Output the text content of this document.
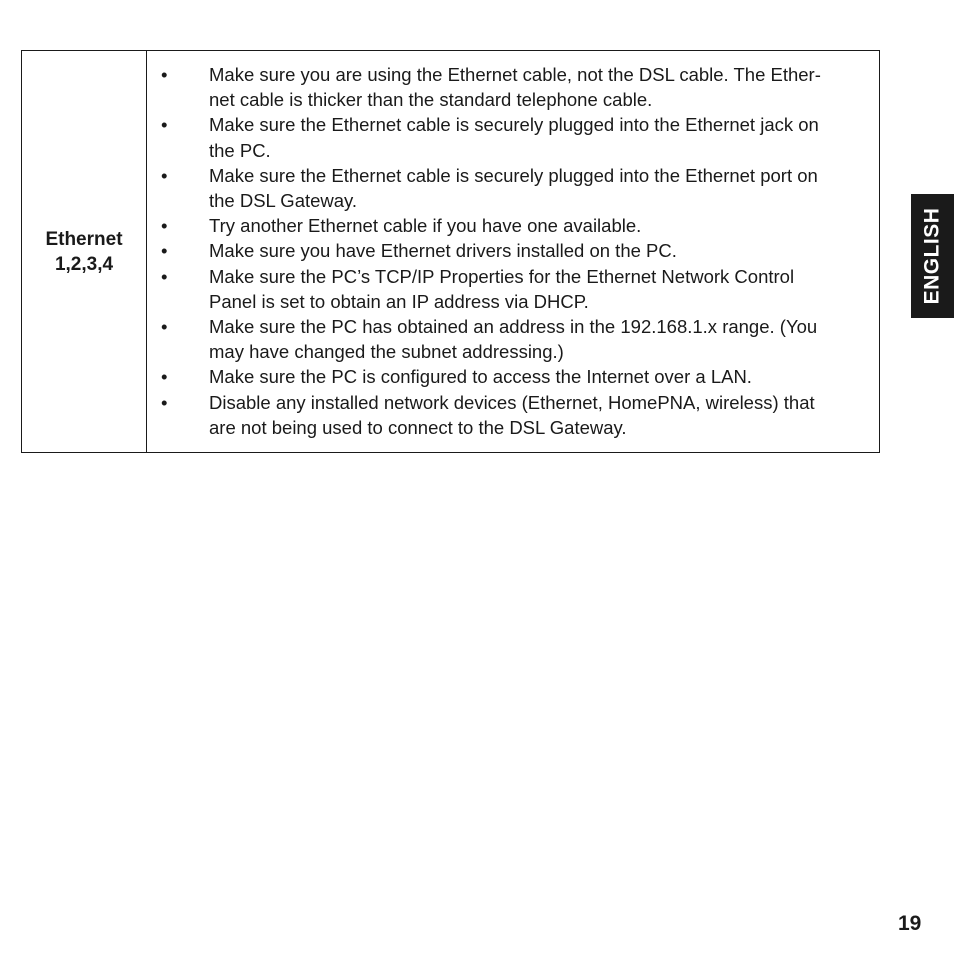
Ethernet
1,2,3,4

• Make sure you are using the Ethernet cable, not the DSL cable. The Ether-
net cable is thicker than the standard telephone cable.
• Make sure the Ethernet cable is securely plugged into the Ethernet jack on
the PC.
• Make sure the Ethernet cable is securely plugged into the Ethernet port on
the DSL Gateway.
• Try another Ethernet cable if you have one available.
• Make sure you have Ethernet drivers installed on the PC.
• Make sure the PC’s TCP/IP Properties for the Ethernet Network Control
Panel is set to obtain an IP address via DHCP.
• Make sure the PC has obtained an address in the 192.168.1.x range. (You
may have changed the subnet addressing.)
• Make sure the PC is configured to access the Internet over a LAN.
• Disable any installed network devices (Ethernet, HomePNA, wireless) that
are not being used to connect to the DSL Gateway.
ENGLISH
19
